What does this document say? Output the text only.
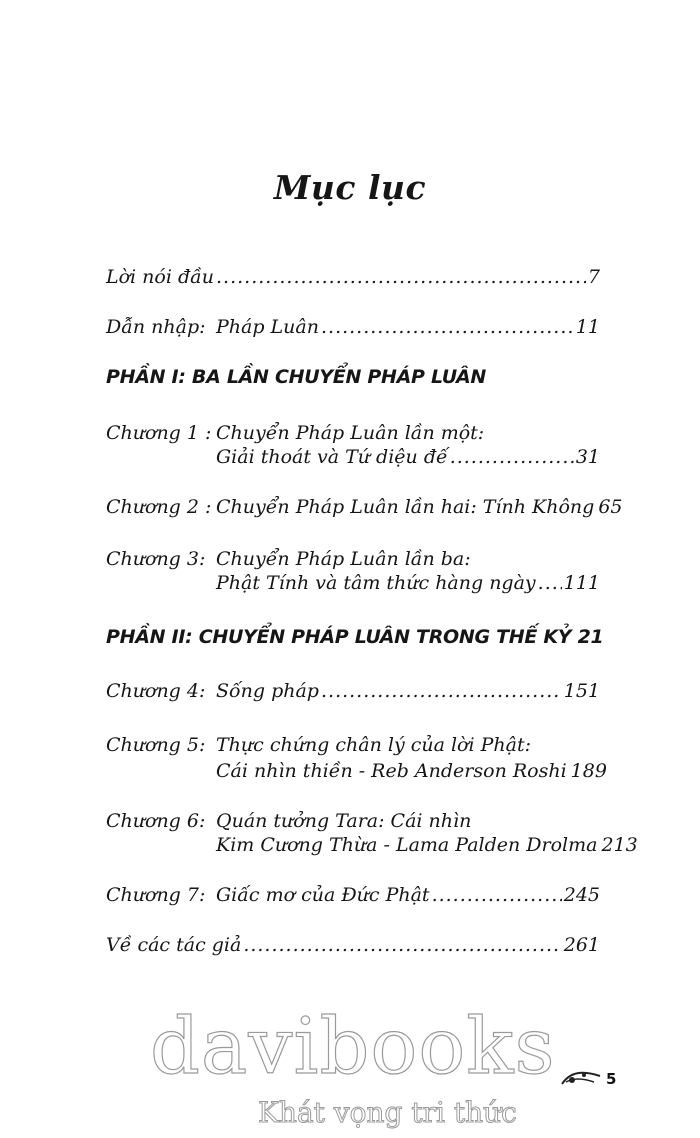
Mục lục
Lời nói đầu .....	7
Dẫn nhập: Pháp Luân .....	11
PHẦN I: BA LẦN CHUYỂN PHÁP LUÂN
Chương 1 : Chuyển Pháp Luân lần một:
Giải thoát và Tứ diệu đế .....	31
Chương 2 : Chuyển Pháp Luân lần hai: Tính Không 65
Chương 3: Chuyển Pháp Luân lần ba:
Phật Tính và tâm thức hàng ngày ..... 111
PHẦN II: CHUYỂN PHÁP LUÂN TRONG THẾ KỶ 21
Chương 4: Sống pháp .....	151
Chương 5: Thực chứng chân lý của lời Phật:
Cái nhìn thiền - Reb Anderson Roshi 189
Chương 6: Quán tưởng Tara: Cái nhìn
Kim Cương Thừa - Lama Palden Drolma 213
Chương 7: Giấc mơ của Đức Phật .....	245
Về các tác giả .....	261
davibooks
Khát vọng tri thức
5
